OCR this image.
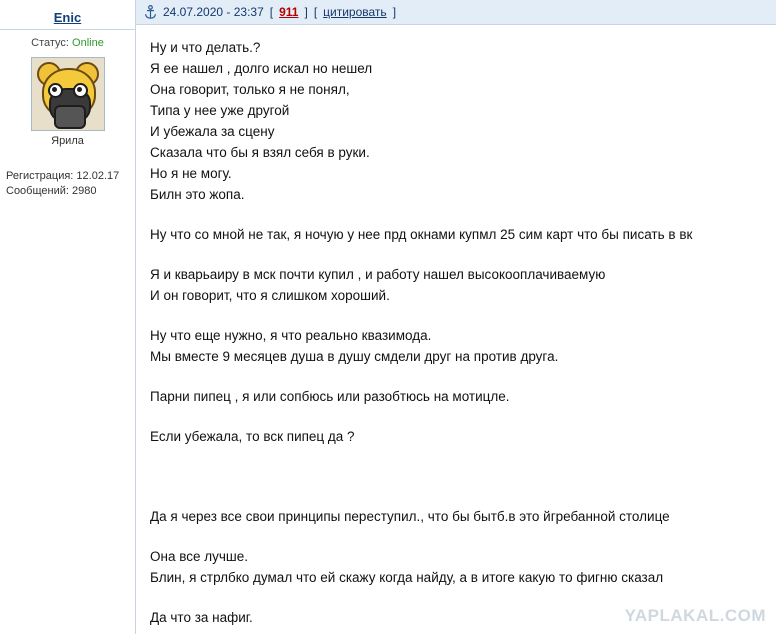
Enic
Статус: Online
Ярила
Регистрация: 12.02.17
Сообщений: 2980
24.07.2020 - 23:37 [ 911 ] [ цитировать ]

Ну и что делать.?
Я ее нашел , долго искал но нешел
Она говорит, только я не понял,
Типа у нее уже другой
И убежала за сцену
Сказала что бы я взял себя в руки.
Но я не могу.
Билн это жопа.

Ну что со мной не так, я ночую у нее прд окнами купмл 25 сим карт что бы писать в вк

Я и кварьаиру в мск почти купил , и работу нашел высокооплачиваемую
И он говорит, что я слишком хороший.

Ну что еще нужно, я что реально квазимода.
Мы вместе 9 месяцев душа в душу смдели друг на против друга.

Парни пипец , я или сопбюсь или разобтюсь на мотицле.

Если убежала, то вск пипец да ?

Да я через все свои принципы переступил., что бы бытб.в это йгребанной столице

Она все лучше.
Блин, я стрлбко думал что ей скажу когда найду, а в итоге какую то фигню сказал

Да что за нафиг.	YAPLAKAL.COM
